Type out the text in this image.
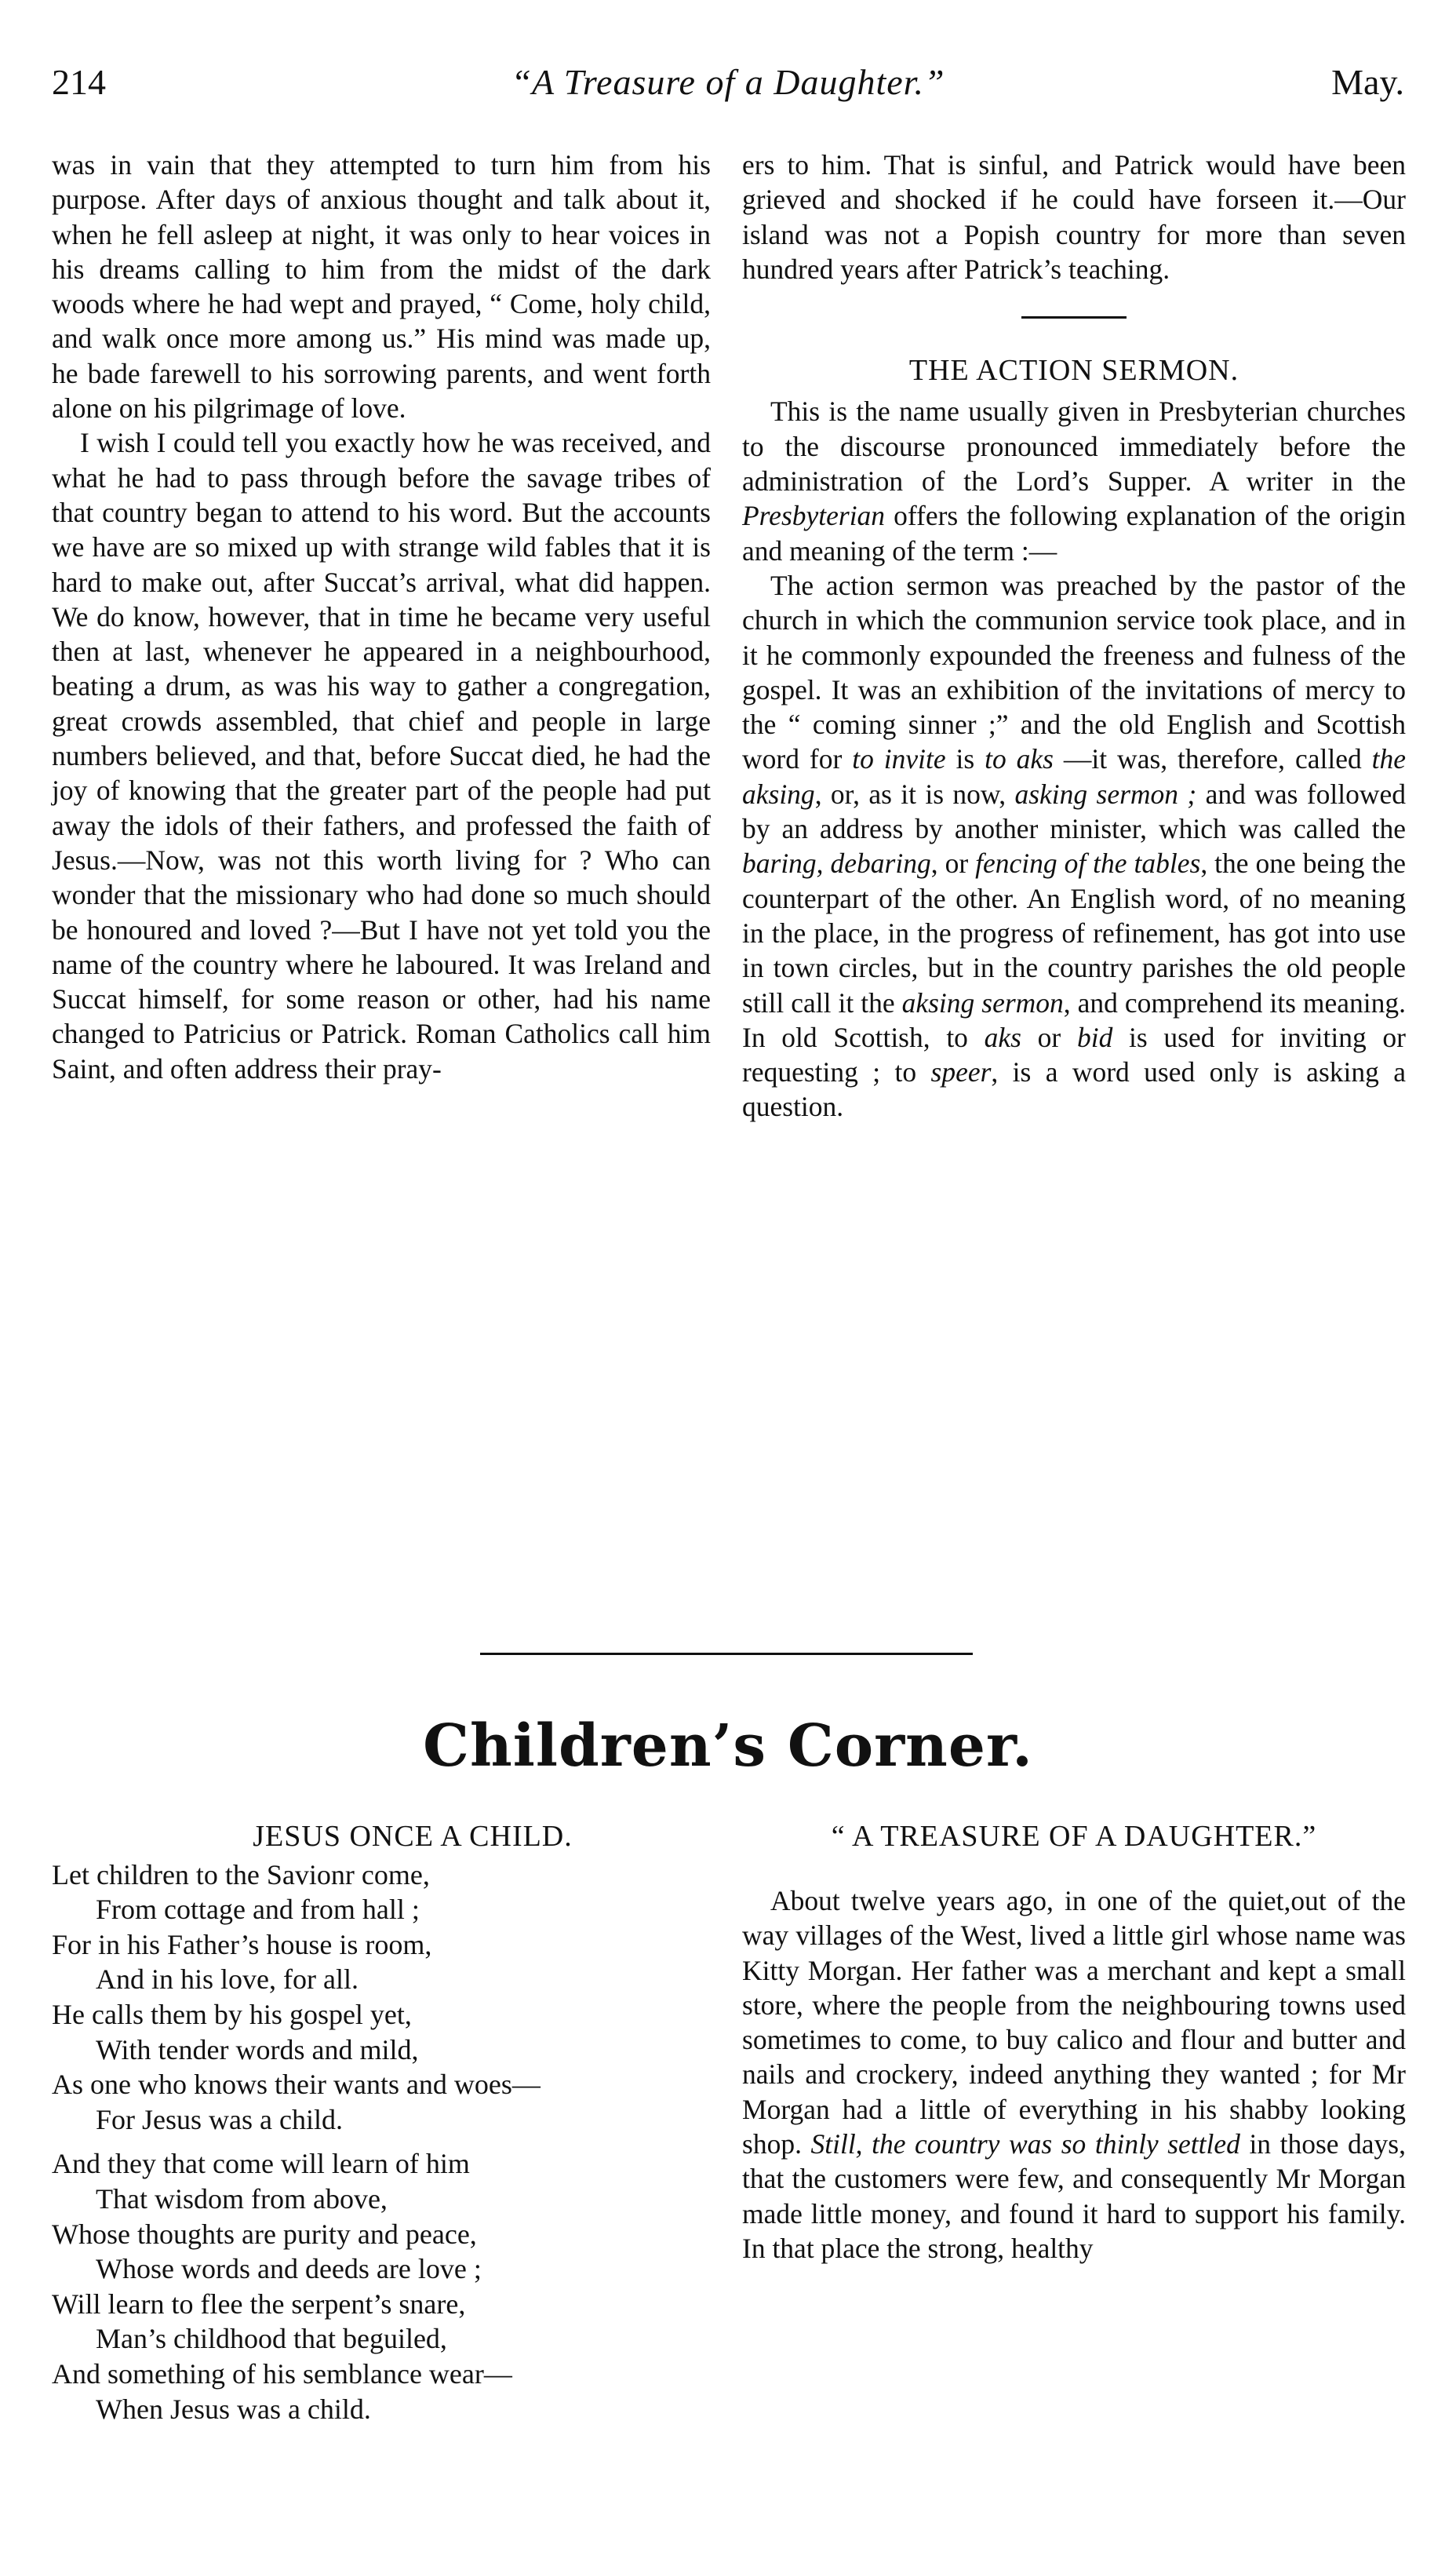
214	“A Treasure of a Daughter.”	May.

was in vain that they attempted to turn him from his purpose. After days of anxious thought and talk about it, when he fell asleep at night, it was only to hear voices in his dreams calling to him from the midst of the dark woods where he had wept and prayed, “ Come, holy child, and walk once more among us.” His mind was made up, he bade farewell to his sorrowing parents, and went forth alone on his pilgrimage of love.

I wish I could tell you exactly how he was received, and what he had to pass through before the savage tribes of that country began to attend to his word. But the accounts we have are so mixed up with strange wild fables that it is hard to make out, after Succat’s arrival, what did happen. We do know, however, that in time he became very useful then at last, whenever he appeared in a neighbourhood, beating a drum, as was his way to gather a congregation, great crowds assembled, that chief and people in large numbers believed, and that, before Succat died, he had the joy of knowing that the greater part of the people had put away the idols of their fathers, and professed the faith of Jesus.—Now, was not this worth living for ? Who can wonder that the missionary who had done so much should be honoured and loved ?—But I have not yet told you the name of the country where he laboured. It was Ireland and Succat himself, for some reason or other, had his name changed to Patricius or Patrick. Roman Catholics call him Saint, and often address their pray-

ers to him. That is sinful, and Patrick would have been grieved and shocked if he could have forseen it.—Our island was not a Popish country for more than seven hundred years after Patrick’s teaching.

THE ACTION SERMON.

This is the name usually given in Presbyterian churches to the discourse pronounced immediately before the administration of the Lord’s Supper. A writer in the Presbyterian offers the following explanation of the origin and meaning of the term :—

The action sermon was preached by the pastor of the church in which the communion service took place, and in it he commonly expounded the freeness and fulness of the gospel. It was an exhibition of the invitations of mercy to the “ coming sinner ;” and the old English and Scottish word for to invite is to aks —it was, therefore, called the aksing, or, as it is now, asking sermon ; and was followed by an address by another minister, which was called the baring, debaring, or fencing of the tables, the one being the counterpart of the other. An English word, of no meaning in the place, in the progress of refinement, has got into use in town circles, but in the country parishes the old people still call it the aksing sermon, and comprehend its meaning. In old Scottish, to aks or bid is used for inviting or requesting ; to speer, is a word used only is asking a question.

Children’s Corner.
JESUS ONCE A CHILD.
Let children to the Savionr come,
From cottage and from hall ;
For in his Father’s house is room,
And in his love, for all.
He calls them by his gospel yet,
With tender words and mild,
As one who knows their wants and woes—
For Jesus was a child.
And they that come will learn of him
That wisdom from above,
Whose thoughts are purity and peace,
Whose words and deeds are love ;
Will learn to flee the serpent’s snare,
Man’s childhood that beguiled,
And something of his semblance wear—
When Jesus was a child.
“ A TREASURE OF A DAUGHTER.”

About twelve years ago, in one of the quiet,out of the way villages of the West, lived a little girl whose name was Kitty Morgan. Her father was a merchant and kept a small store, where the people from the neighbouring towns used sometimes to come, to buy calico and flour and butter and nails and crockery, indeed anything they wanted ; for Mr Morgan had a little of everything in his shabby looking shop. Still, the country was so thinly settled in those days, that the customers were few, and consequently Mr Morgan made little money, and found it hard to support his family. In that place the strong, healthy
